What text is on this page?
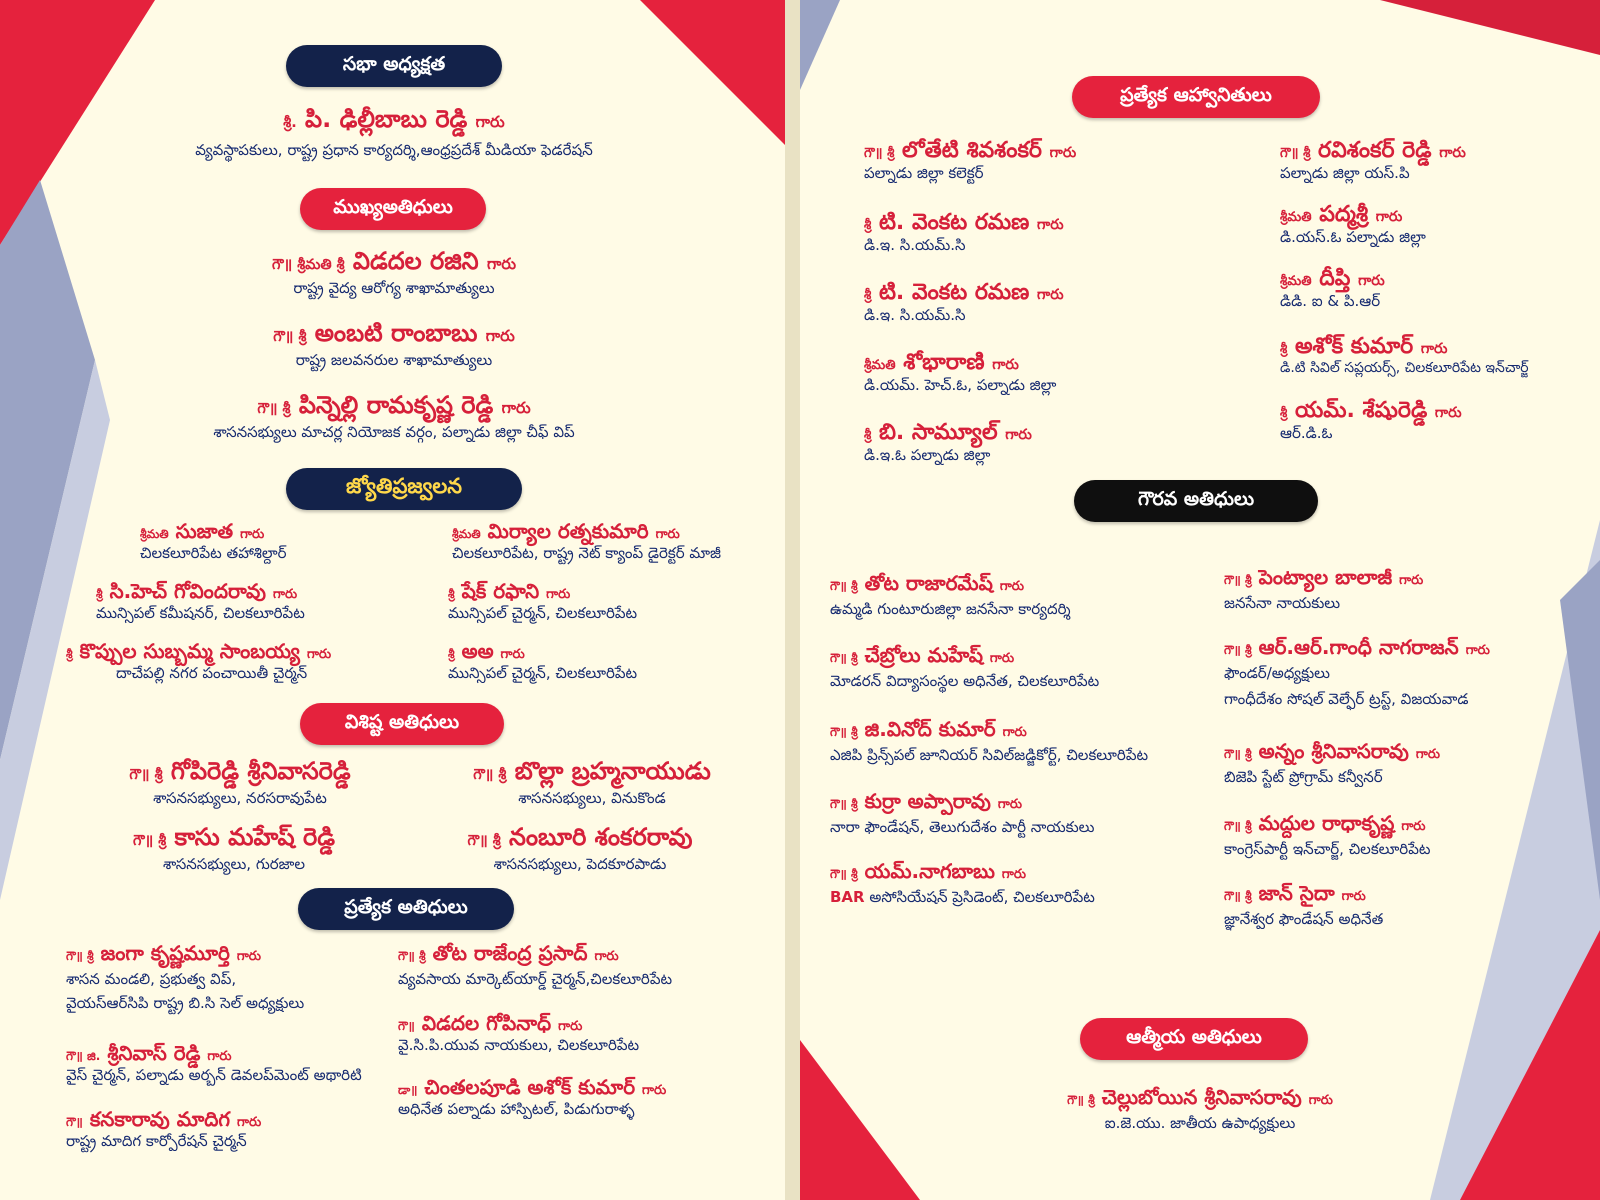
సభా అధ్యక్షత
శ్రీ. పి. ఢిల్లీబాబు రెడ్డి గారు
వ్యవస్థాపకులు, రాష్ట్ర ప్రధాన కార్యదర్శి,ఆంధ్రప్రదేశ్ మీడియా ఫెడరేషన్
ముఖ్యఅతిధులు
గౌ॥ శ్రీమతి శ్రీ విడదల రజిని గారు
రాష్ట్ర వైద్య ఆరోగ్య శాఖామాత్యులు
గౌ॥ శ్రీ అంబటి రాంబాబు గారు
రాష్ట్ర జలవనరుల శాఖామాత్యులు
గౌ॥ శ్రీ పిన్నెల్లి రామకృష్ణ రెడ్డి గారు
శాసనసభ్యులు మాచర్ల నియోజక వర్గం, పల్నాడు జిల్లా చీఫ్ విప్
జ్యోతిప్రజ్వలన
శ్రీమతి సుజాత గారు
చిలకలూరిపేట తహాశిల్దార్
శ్రీమతి మిర్యాల రత్నకుమారి గారు
చిలకలూరిపేట, రాష్ట్ర నెట్ క్యాంప్ డైరెక్టర్ మాజీ
శ్రీ సి.హెచ్ గోవిందరావు గారు
మున్సిపల్ కమీషనర్, చిలకలూరిపేట
శ్రీ షేక్ రఫాని గారు
మున్సిపల్ చైర్మన్, చిలకలూరిపేట
శ్రీ కొప్పుల సుబ్బమ్మ సాంబయ్య గారు
దాచేపల్లి నగర పంచాయితీ చైర్మన్
శ్రీ అఅ గారు
మున్సిపల్ చైర్మన్, చిలకలూరిపేట
విశిష్ట అతిధులు
గౌ॥ శ్రీ గోపిరెడ్డి శ్రీనివాసరెడ్డి
శాసనసభ్యులు, నరసరావుపేట
గౌ॥ శ్రీ బొల్లా బ్రహ్మనాయుడు
శాసనసభ్యులు, వినుకొండ
గౌ॥ శ్రీ కాసు మహేష్ రెడ్డి
శాసనసభ్యులు, గురజాల
గౌ॥ శ్రీ నంబూరి శంకరరావు
శాసనసభ్యులు, పెదకూరపాడు
ప్రత్యేక అతిధులు
గౌ॥ శ్రీ జంగా కృష్ణమూర్తి గారు
శాసన మండలి, ప్రభుత్వ విప్,
వైయస్ఆర్‌సిపి రాష్ట్ర బి.సి సెల్ అధ్యక్షులు
గౌ॥ శ్రీ తోట రాజేంద్ర ప్రసాద్ గారు
వ్యవసాయ మార్కెట్‌యార్డ్ చైర్మన్,చిలకలూరిపేట
గౌ॥ విడదల గోపినాధ్ గారు
వై.సి.పి.యువ నాయకులు, చిలకలూరిపేట
గౌ॥ జి. శ్రీనివాస్ రెడ్డి గారు
వైస్ చైర్మన్, పల్నాడు అర్బన్ డెవలప్‌మెంట్ అథారిటి
డా॥ చింతలపూడి అశోక్ కుమార్ గారు
అధినేత పల్నాడు హాస్పిటల్, పిడుగురాళ్ళ
గౌ॥ కనకారావు మాదిగ గారు
రాష్ట్ర మాదిగ కార్పోరేషన్ చైర్మన్
ప్రత్యేక ఆహ్వానితులు
గౌ॥ శ్రీ లోతేటి శివశంకర్ గారు
పల్నాడు జిల్లా కలెక్టర్
గౌ॥ శ్రీ రవిశంకర్ రెడ్డి గారు
పల్నాడు జిల్లా యస్.పి
శ్రీ టి. వెంకట రమణ గారు
డి.ఇ. సి.యమ్.సి
శ్రీమతి పద్మశ్రీ గారు
డి.యస్.ఓ పల్నాడు జిల్లా
శ్రీ టి. వెంకట రమణ గారు
డి.ఇ. సి.యమ్.సి
శ్రీమతి దీప్తి గారు
డిడి. ఐ & పి.ఆర్
శ్రీమతి శోభారాణి గారు
డి.యమ్. హెచ్.ఓ, పల్నాడు జిల్లా
శ్రీ అశోక్ కుమార్ గారు
డి.టి సివిల్ సప్లయర్స్, చిలకలూరిపేట ఇన్‌చార్జ్
శ్రీ బి. సామ్యూల్ గారు
డి.ఇ.ఓ పల్నాడు జిల్లా
శ్రీ యమ్. శేషురెడ్డి గారు
ఆర్.డి.ఓ
గౌరవ అతిధులు
గౌ॥ శ్రీ తోట రాజారమేష్ గారు
ఉమ్మడి గుంటూరుజిల్లా జనసేనా కార్యదర్శి
గౌ॥ శ్రీ పెంట్యాల బాలాజీ గారు
జనసేనా నాయకులు
గౌ॥ శ్రీ చేబ్రోలు మహేష్ గారు
మోడరన్ విద్యాసంస్థల అధినేత, చిలకలూరిపేట
గౌ॥ శ్రీ ఆర్.ఆర్.గాంధీ నాగరాజన్ గారు
ఫౌండర్/అధ్యక్షులు
గాంధీదేశం సోషల్ వెల్ఫేర్ ట్రస్ట్, విజయవాడ
గౌ॥ శ్రీ జి.వినోద్ కుమార్ గారు
ఎజిపి ప్రిన్స్‌పల్ జూనియర్ సివిల్‌జడ్జికోర్ట్, చిలకలూరిపేట	గౌ॥ శ్రీ అన్నం శ్రీనివాసరావు గారు
బిజెపి స్టేట్ ప్రోగ్రామ్ కన్వీనర్
గౌ॥ శ్రీ కుర్రా అప్పారావు గారు
నారా ఫౌండేషన్, తెలుగుదేశం పార్టీ నాయకులు	గౌ॥ శ్రీ మద్దుల రాధాకృష్ణ గారు
కాంగ్రెస్‌పార్టీ ఇన్‌చార్జ్, చిలకలూరిపేట
గౌ॥ శ్రీ యమ్.నాగబాబు గారు
BAR అసోసియేషన్ ప్రెసిడెంట్, చిలకలూరిపేట	గౌ॥ శ్రీ జాన్ సైదా గారు
జ్ఞానేశ్వర ఫౌండేషన్ అధినేత
ఆత్మీయ అతిధులు
గౌ॥ శ్రీ చెల్లుబోయిన శ్రీనివాసరావు గారు
ఐ.జె.యు. జాతీయ ఉపాధ్యక్షులు
